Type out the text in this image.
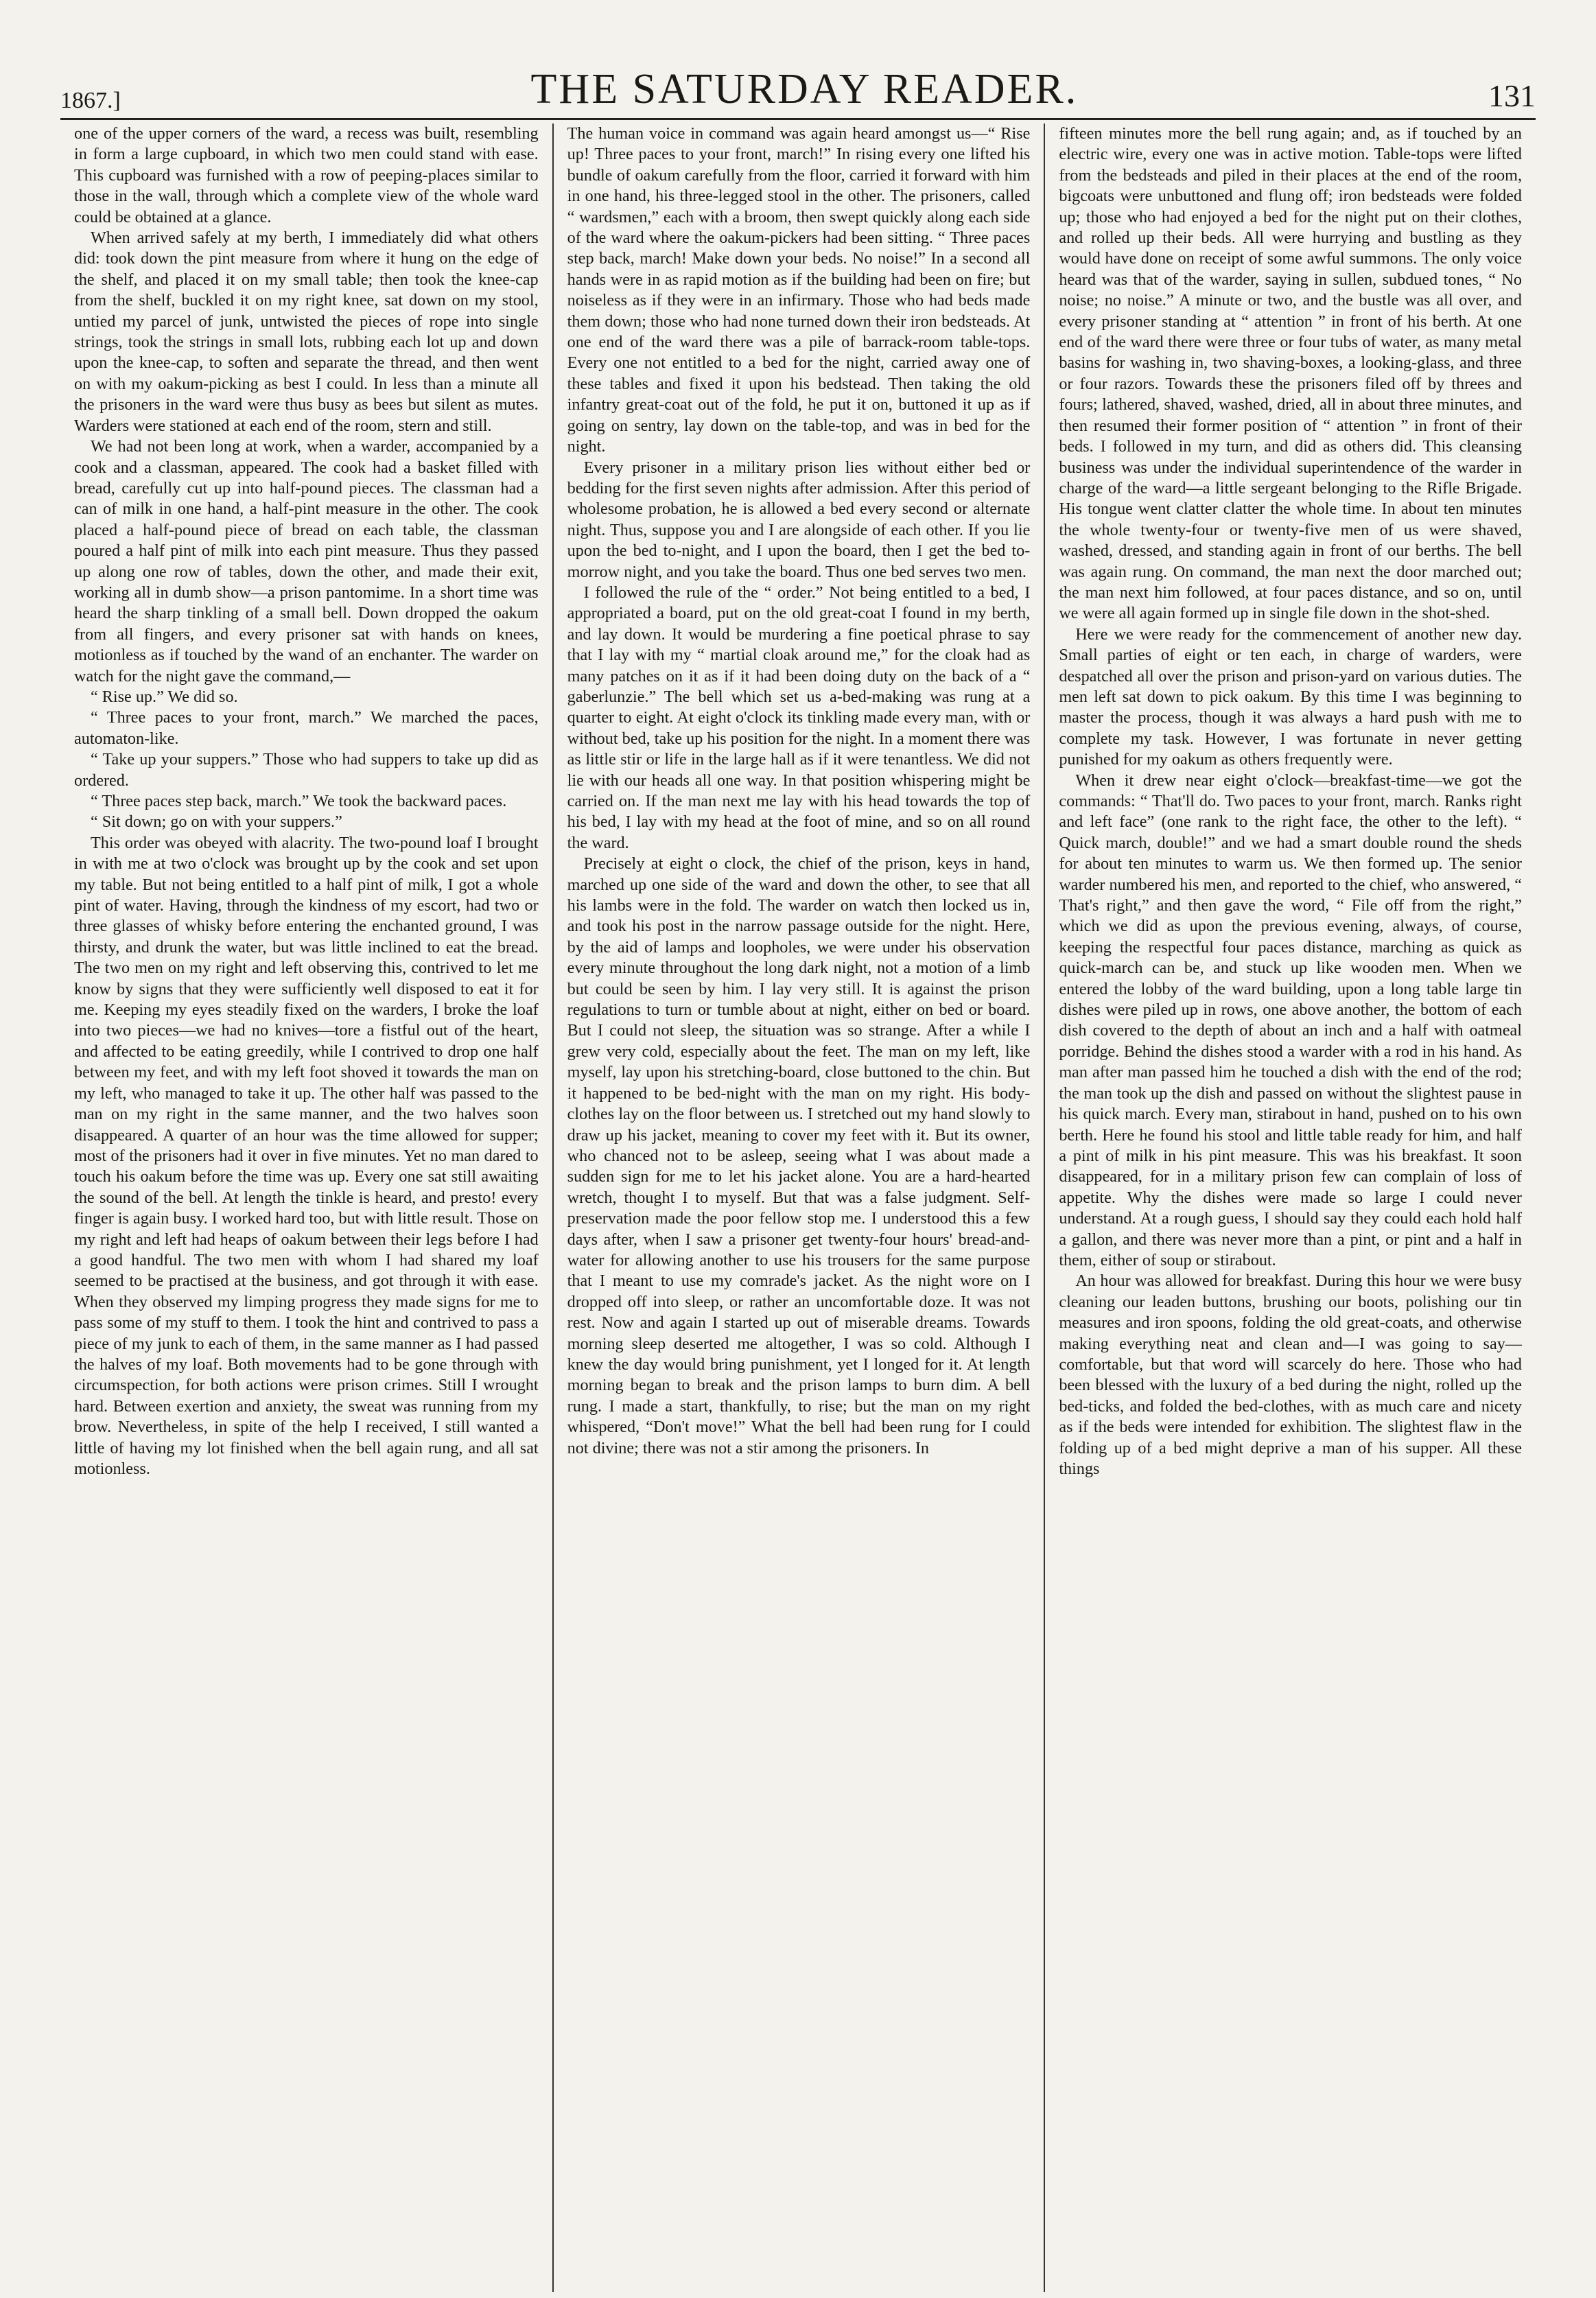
1867.]	THE SATURDAY READER.	131

one of the upper corners of the ward, a recess was built, resembling in form a large cupboard, in which two men could stand with ease. This cupboard was furnished with a row of peeping-places similar to those in the wall, through which a complete view of the whole ward could be obtained at a glance.

When arrived safely at my berth, I immediately did what others did: took down the pint measure from where it hung on the edge of the shelf, and placed it on my small table; then took the knee-cap from the shelf, buckled it on my right knee, sat down on my stool, untied my parcel of junk, untwisted the pieces of rope into single strings, took the strings in small lots, rubbing each lot up and down upon the knee-cap, to soften and separate the thread, and then went on with my oakum-picking as best I could. In less than a minute all the prisoners in the ward were thus busy as bees but silent as mutes. Warders were stationed at each end of the room, stern and still.

We had not been long at work, when a warder, accompanied by a cook and a classman, appeared. The cook had a basket filled with bread, carefully cut up into half-pound pieces. The classman had a can of milk in one hand, a half-pint measure in the other. The cook placed a half-pound piece of bread on each table, the classman poured a half pint of milk into each pint measure. Thus they passed up along one row of tables, down the other, and made their exit, working all in dumb show—a prison pantomime. In a short time was heard the sharp tinkling of a small bell. Down dropped the oakum from all fingers, and every prisoner sat with hands on knees, motionless as if touched by the wand of an enchanter. The warder on watch for the night gave the command,—

“ Rise up.” We did so.

“ Three paces to your front, march.” We marched the paces, automaton-like.

“ Take up your suppers.” Those who had suppers to take up did as ordered.

“ Three paces step back, march.” We took the backward paces.

“ Sit down; go on with your suppers.”

This order was obeyed with alacrity. The two-pound loaf I brought in with me at two o'clock was brought up by the cook and set upon my table. But not being entitled to a half pint of milk, I got a whole pint of water. Having, through the kindness of my escort, had two or three glasses of whisky before entering the enchanted ground, I was thirsty, and drunk the water, but was little inclined to eat the bread. The two men on my right and left observing this, contrived to let me know by signs that they were sufficiently well disposed to eat it for me. Keeping my eyes steadily fixed on the warders, I broke the loaf into two pieces—we had no knives—tore a fistful out of the heart, and affected to be eating greedily, while I contrived to drop one half between my feet, and with my left foot shoved it towards the man on my left, who managed to take it up. The other half was passed to the man on my right in the same manner, and the two halves soon disappeared. A quarter of an hour was the time allowed for supper; most of the prisoners had it over in five minutes. Yet no man dared to touch his oakum before the time was up. Every one sat still awaiting the sound of the bell. At length the tinkle is heard, and presto! every finger is again busy. I worked hard too, but with little result. Those on my right and left had heaps of oakum between their legs before I had a good handful. The two men with whom I had shared my loaf seemed to be practised at the business, and got through it with ease. When they observed my limping progress they made signs for me to pass some of my stuff to them. I took the hint and contrived to pass a piece of my junk to each of them, in the same manner as I had passed the halves of my loaf. Both movements had to be gone through with circumspection, for both actions were prison crimes. Still I wrought hard. Between exertion and anxiety, the sweat was running from my brow. Nevertheless, in spite of the help I received, I still wanted a little of having my lot finished when the bell again rung, and all sat motionless.

The human voice in command was again heard amongst us—“ Rise up! Three paces to your front, march!” In rising every one lifted his bundle of oakum carefully from the floor, carried it forward with him in one hand, his three-legged stool in the other. The prisoners, called “ wardsmen,” each with a broom, then swept quickly along each side of the ward where the oakum-pickers had been sitting. “ Three paces step back, march! Make down your beds. No noise!” In a second all hands were in as rapid motion as if the building had been on fire; but noiseless as if they were in an infirmary. Those who had beds made them down; those who had none turned down their iron bedsteads. At one end of the ward there was a pile of barrack-room table-tops. Every one not entitled to a bed for the night, carried away one of these tables and fixed it upon his bedstead. Then taking the old infantry great-coat out of the fold, he put it on, buttoned it up as if going on sentry, lay down on the table-top, and was in bed for the night.

Every prisoner in a military prison lies without either bed or bedding for the first seven nights after admission. After this period of wholesome probation, he is allowed a bed every second or alternate night. Thus, suppose you and I are alongside of each other. If you lie upon the bed to-night, and I upon the board, then I get the bed to-morrow night, and you take the board. Thus one bed serves two men.

I followed the rule of the “ order.” Not being entitled to a bed, I appropriated a board, put on the old great-coat I found in my berth, and lay down. It would be murdering a fine poetical phrase to say that I lay with my “ martial cloak around me,” for the cloak had as many patches on it as if it had been doing duty on the back of a “ gaberlunzie.” The bell which set us a-bed-making was rung at a quarter to eight. At eight o'clock its tinkling made every man, with or without bed, take up his position for the night. In a moment there was as little stir or life in the large hall as if it were tenantless. We did not lie with our heads all one way. In that position whispering might be carried on. If the man next me lay with his head towards the top of his bed, I lay with my head at the foot of mine, and so on all round the ward.

Precisely at eight o clock, the chief of the prison, keys in hand, marched up one side of the ward and down the other, to see that all his lambs were in the fold. The warder on watch then locked us in, and took his post in the narrow passage outside for the night. Here, by the aid of lamps and loopholes, we were under his observation every minute throughout the long dark night, not a motion of a limb but could be seen by him. I lay very still. It is against the prison regulations to turn or tumble about at night, either on bed or board. But I could not sleep, the situation was so strange. After a while I grew very cold, especially about the feet. The man on my left, like myself, lay upon his stretching-board, close buttoned to the chin. But it happened to be bed-night with the man on my right. His body-clothes lay on the floor between us. I stretched out my hand slowly to draw up his jacket, meaning to cover my feet with it. But its owner, who chanced not to be asleep, seeing what I was about made a sudden sign for me to let his jacket alone. You are a hard-hearted wretch, thought I to myself. But that was a false judgment. Self-preservation made the poor fellow stop me. I understood this a few days after, when I saw a prisoner get twenty-four hours' bread-and-water for allowing another to use his trousers for the same purpose that I meant to use my comrade's jacket. As the night wore on I dropped off into sleep, or rather an uncomfortable doze. It was not rest. Now and again I started up out of miserable dreams. Towards morning sleep deserted me altogether, I was so cold. Although I knew the day would bring punishment, yet I longed for it. At length morning began to break and the prison lamps to burn dim. A bell rung. I made a start, thankfully, to rise; but the man on my right whispered, “Don't move!” What the bell had been rung for I could not divine; there was not a stir among the prisoners. In

fifteen minutes more the bell rung again; and, as if touched by an electric wire, every one was in active motion. Table-tops were lifted from the bedsteads and piled in their places at the end of the room, bigcoats were unbuttoned and flung off; iron bedsteads were folded up; those who had enjoyed a bed for the night put on their clothes, and rolled up their beds. All were hurrying and bustling as they would have done on receipt of some awful summons. The only voice heard was that of the warder, saying in sullen, subdued tones, “ No noise; no noise.” A minute or two, and the bustle was all over, and every prisoner standing at “ attention ” in front of his berth. At one end of the ward there were three or four tubs of water, as many metal basins for washing in, two shaving-boxes, a looking-glass, and three or four razors. Towards these the prisoners filed off by threes and fours; lathered, shaved, washed, dried, all in about three minutes, and then resumed their former position of “ attention ” in front of their beds. I followed in my turn, and did as others did. This cleansing business was under the individual superintendence of the warder in charge of the ward—a little sergeant belonging to the Rifle Brigade. His tongue went clatter clatter the whole time. In about ten minutes the whole twenty-four or twenty-five men of us were shaved, washed, dressed, and standing again in front of our berths. The bell was again rung. On command, the man next the door marched out; the man next him followed, at four paces distance, and so on, until we were all again formed up in single file down in the shot-shed.

Here we were ready for the commencement of another new day. Small parties of eight or ten each, in charge of warders, were despatched all over the prison and prison-yard on various duties. The men left sat down to pick oakum. By this time I was beginning to master the process, though it was always a hard push with me to complete my task. However, I was fortunate in never getting punished for my oakum as others frequently were.

When it drew near eight o'clock—breakfast-time—we got the commands: “ That'll do. Two paces to your front, march. Ranks right and left face” (one rank to the right face, the other to the left). “ Quick march, double!” and we had a smart double round the sheds for about ten minutes to warm us. We then formed up. The senior warder numbered his men, and reported to the chief, who answered, “ That's right,” and then gave the word, “ File off from the right,” which we did as upon the previous evening, always, of course, keeping the respectful four paces distance, marching as quick as quick-march can be, and stuck up like wooden men. When we entered the lobby of the ward building, upon a long table large tin dishes were piled up in rows, one above another, the bottom of each dish covered to the depth of about an inch and a half with oatmeal porridge. Behind the dishes stood a warder with a rod in his hand. As man after man passed him he touched a dish with the end of the rod; the man took up the dish and passed on without the slightest pause in his quick march. Every man, stirabout in hand, pushed on to his own berth. Here he found his stool and little table ready for him, and half a pint of milk in his pint measure. This was his breakfast. It soon disappeared, for in a military prison few can complain of loss of appetite. Why the dishes were made so large I could never understand. At a rough guess, I should say they could each hold half a gallon, and there was never more than a pint, or pint and a half in them, either of soup or stirabout.

An hour was allowed for breakfast. During this hour we were busy cleaning our leaden buttons, brushing our boots, polishing our tin measures and iron spoons, folding the old great-coats, and otherwise making everything neat and clean and—I was going to say—comfortable, but that word will scarcely do here. Those who had been blessed with the luxury of a bed during the night, rolled up the bed-ticks, and folded the bed-clothes, with as much care and nicety as if the beds were intended for exhibition. The slightest flaw in the folding up of a bed might deprive a man of his supper. All these things
